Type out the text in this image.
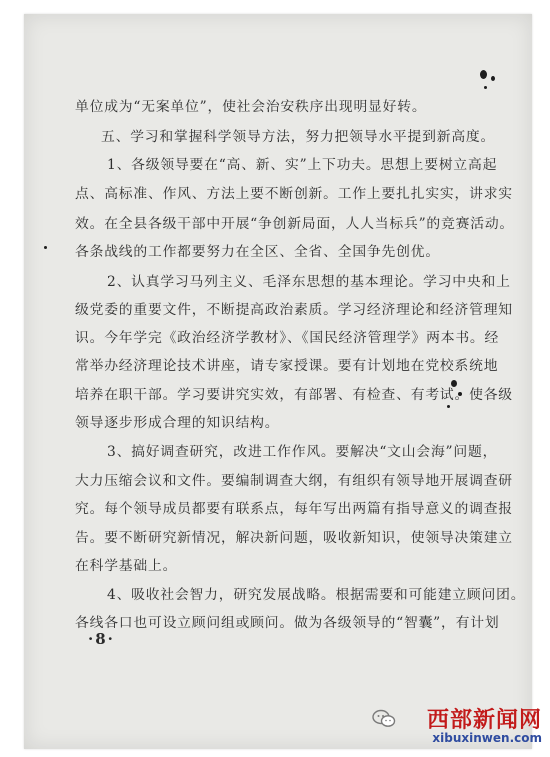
单位成为“无案单位”，使社会治安秩序出现明显好转。
五、学习和掌握科学领导方法，努力把领导水平提到新高度。
1、各级领导要在“高、新、实”上下功夫。思想上要树立高起
点、高标准、作风、方法上要不断创新。工作上要扎扎实实，讲求实
效。在全县各级干部中开展“争创新局面，人人当标兵”的竞赛活动。
各条战线的工作都要努力在全区、全省、全国争先创优。
2、认真学习马列主义、毛泽东思想的基本理论。学习中央和上
级党委的重要文件，不断提高政治素质。学习经济理论和经济管理知
识。今年学完《政治经济学教材》、《国民经济管理学》两本书。经
常举办经济理论技术讲座，请专家授课。要有计划地在党校系统地
培养在职干部。学习要讲究实效，有部署、有检查、有考试。使各级
领导逐步形成合理的知识结构。
3、搞好调查研究，改进工作作风。要解决“文山会海”问题，
大力压缩会议和文件。要编制调查大纲，有组织有领导地开展调查研
究。每个领导成员都要有联系点，每年写出两篇有指导意义的调查报
告。要不断研究新情况，解决新问题，吸收新知识，使领导决策建立
在科学基础上。
4、吸收社会智力，研究发展战略。根据需要和可能建立顾问团。
各线各口也可设立顾问组或顾问。做为各级领导的“智囊”，有计划
·8·
西部新闻网
xibuxinwen.com
